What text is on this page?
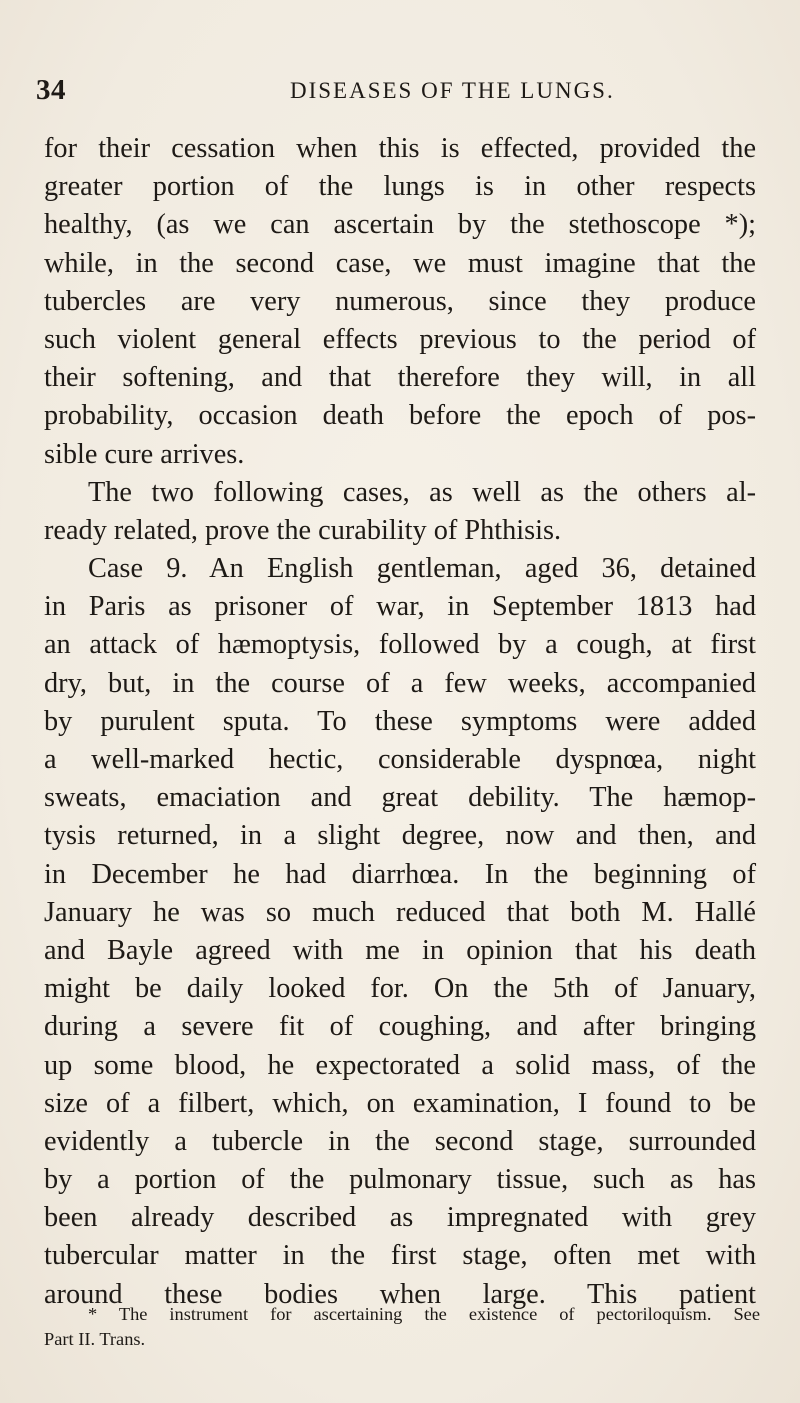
34	DISEASES OF THE LUNGS.
for their cessation when this is effected, provided the
greater portion of the lungs is in other respects
healthy, (as we can ascertain by the stethoscope *);
while, in the second case, we must imagine that the
tubercles are very numerous, since they produce
such violent general effects previous to the period of
their softening, and that therefore they will, in all
probability, occasion death before the epoch of pos-
sible cure arrives.
The two following cases, as well as the others al-
ready related, prove the curability of Phthisis.
Case 9. An English gentleman, aged 36, detained
in Paris as prisoner of war, in September 1813 had
an attack of hæmoptysis, followed by a cough, at first
dry, but, in the course of a few weeks, accompanied
by purulent sputa. To these symptoms were added
a well-marked hectic, considerable dyspnœa, night
sweats, emaciation and great debility. The hæmop-
tysis returned, in a slight degree, now and then, and
in December he had diarrhœa. In the beginning of
January he was so much reduced that both M. Hallé
and Bayle agreed with me in opinion that his death
might be daily looked for. On the 5th of January,
during a severe fit of coughing, and after bringing
up some blood, he expectorated a solid mass, of the
size of a filbert, which, on examination, I found to be
evidently a tubercle in the second stage, surrounded
by a portion of the pulmonary tissue, such as has
been already described as impregnated with grey
tubercular matter in the first stage, often met with
around these bodies when large. This patient
* The instrument for ascertaining the existence of pectoriloquism. See
Part II. Trans.
